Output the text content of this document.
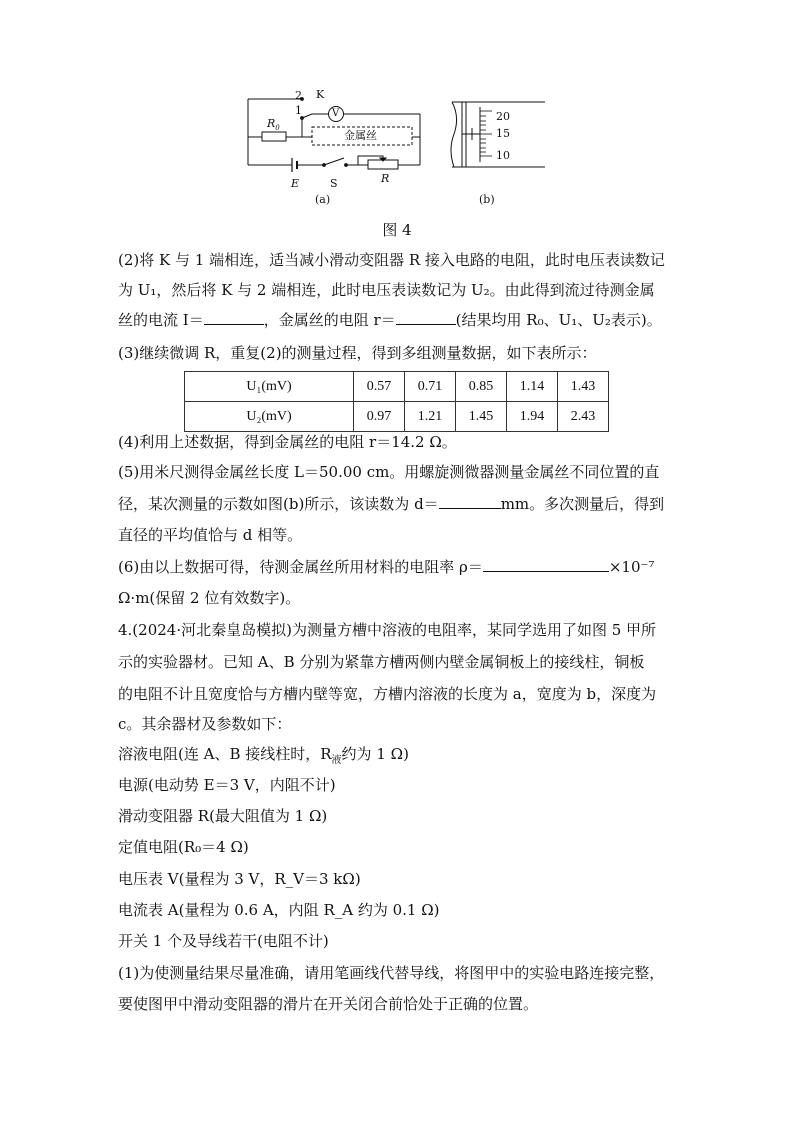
2
1
K
V
$R_0$
金属丝
E	S	R
20
15
10
(a)	(b)
图 4
(2)将 K 与 1 端相连，适当减小滑动变阻器 R 接入电路的电阻，此时电压表读数记
为 U₁，然后将 K 与 2 端相连，此时电压表读数记为 U₂。由此得到流过待测金属
丝的电流 I＝	，金属丝的电阻 r＝	(结果均用 R₀、U₁、U₂表示)。
(3)继续微调 R，重复(2)的测量过程，得到多组测量数据，如下表所示：
U₁(mV)	0.57	0.71	0.85	1.14	1.43
U₂(mV)	0.97	1.21	1.45	1.94	2.43
(4)利用上述数据，得到金属丝的电阻 r＝14.2 Ω。
(5)用米尺测得金属丝长度 L＝50.00 cm。用螺旋测微器测量金属丝不同位置的直
径，某次测量的示数如图(b)所示，该读数为 d＝	mm。多次测量后，得到
直径的平均值恰与 d 相等。
(6)由以上数据可得，待测金属丝所用材料的电阻率 ρ＝	×10⁻⁷
Ω·m(保留 2 位有效数字)。
4.(2024·河北秦皇岛模拟)为测量方槽中溶液的电阻率，某同学选用了如图 5 甲所
示的实验器材。已知 A、B 分别为紧靠方槽两侧内壁金属铜板上的接线柱，铜板
的电阻不计且宽度恰与方槽内壁等宽，方槽内溶液的长度为 a，宽度为 b，深度为
c。其余器材及参数如下：
溶液电阻(连 A、B 接线柱时，$R_液$约为 1 Ω)
电源(电动势 E＝3 V，内阻不计)
滑动变阻器 R(最大阻值为 1 Ω)
定值电阻(R₀＝4 Ω)
电压表 V(量程为 3 V，R_V＝3 kΩ)
电流表 A(量程为 0.6 A，内阻 R_A 约为 0.1 Ω)
开关 1 个及导线若干(电阻不计)
(1)为使测量结果尽量准确，请用笔画线代替导线，将图甲中的实验电路连接完整，
要使图甲中滑动变阻器的滑片在开关闭合前恰处于正确的位置。
